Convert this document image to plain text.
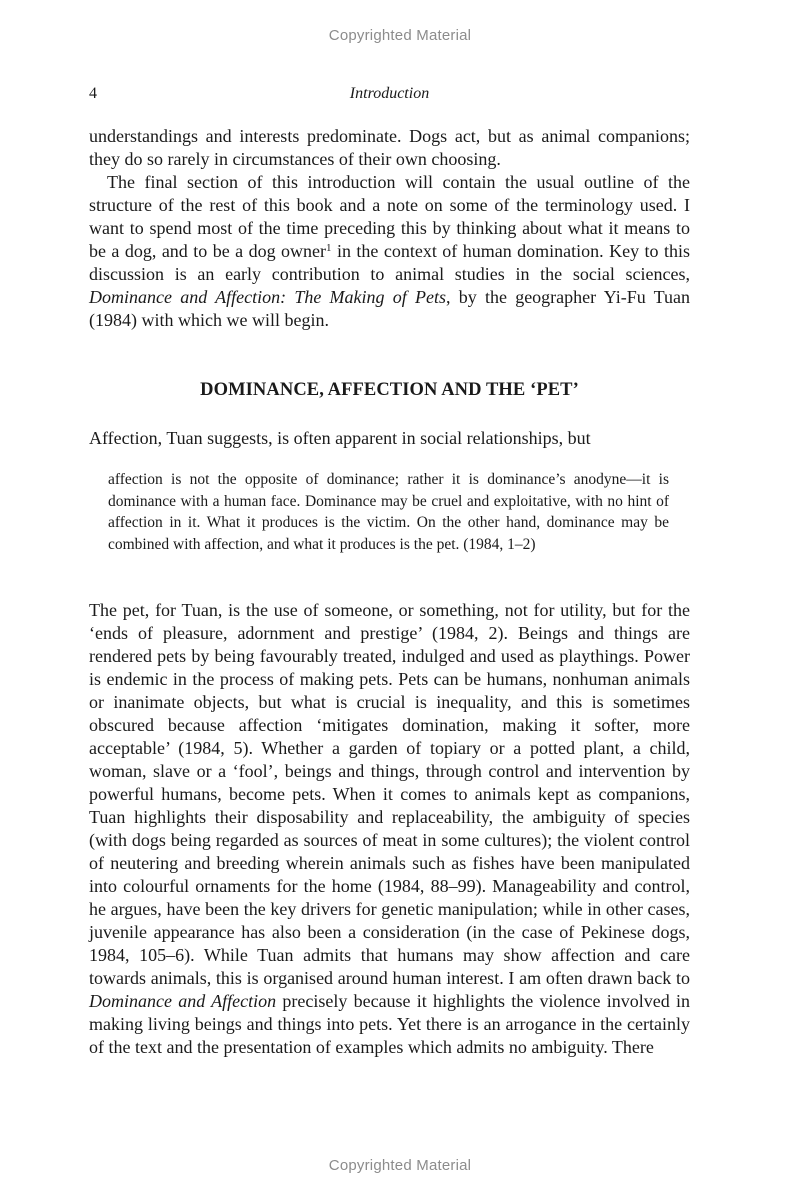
Copyrighted Material
4	Introduction

understandings and interests predominate. Dogs act, but as animal companions; they do so rarely in circumstances of their own choosing.

The final section of this introduction will contain the usual outline of the structure of the rest of this book and a note on some of the terminology used. I want to spend most of the time preceding this by thinking about what it means to be a dog, and to be a dog owner$^1$ in the context of human domination. Key to this discussion is an early contribution to animal studies in the social sciences, Dominance and Affection: The Making of Pets, by the geographer Yi-Fu Tuan (1984) with which we will begin.

DOMINANCE, AFFECTION AND THE ‘PET’

Affection, Tuan suggests, is often apparent in social relationships, but

affection is not the opposite of dominance; rather it is dominance’s anodyne—it is dominance with a human face. Dominance may be cruel and exploitative, with no hint of affection in it. What it produces is the victim. On the other hand, dominance may be combined with affection, and what it produces is the pet. (1984, 1–2)

The pet, for Tuan, is the use of someone, or something, not for utility, but for the ‘ends of pleasure, adornment and prestige’ (1984, 2). Beings and things are rendered pets by being favourably treated, indulged and used as playthings. Power is endemic in the process of making pets. Pets can be humans, nonhuman animals or inanimate objects, but what is crucial is inequality, and this is sometimes obscured because affection ‘mitigates domination, making it softer, more acceptable’ (1984, 5). Whether a garden of topiary or a potted plant, a child, woman, slave or a ‘fool’, beings and things, through control and intervention by powerful humans, become pets. When it comes to animals kept as companions, Tuan highlights their disposability and replaceability, the ambiguity of species (with dogs being regarded as sources of meat in some cultures); the violent control of neutering and breeding wherein animals such as fishes have been manipulated into colourful ornaments for the home (1984, 88–99). Manageability and control, he argues, have been the key drivers for genetic manipulation; while in other cases, juvenile appearance has also been a consideration (in the case of Pekinese dogs, 1984, 105–6). While Tuan admits that humans may show affection and care towards animals, this is organised around human interest. I am often drawn back to Dominance and Affection precisely because it highlights the violence involved in making living beings and things into pets. Yet there is an arrogance in the certainly of the text and the presentation of examples which admits no ambiguity. There

Copyrighted Material
